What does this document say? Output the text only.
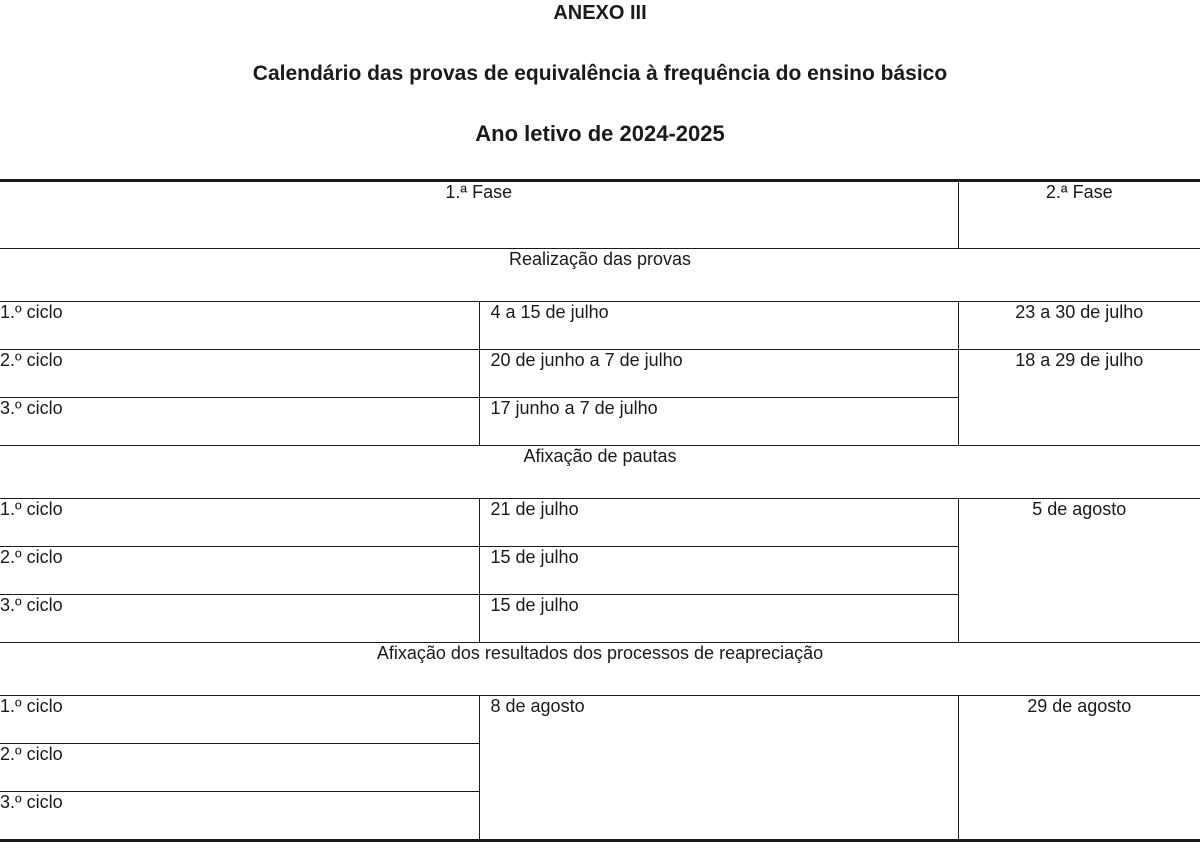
ANEXO III
Calendário das provas de equivalência à frequência do ensino básico
Ano letivo de 2024-2025
1.ª Fase		2.ª Fase
Realização das provas		
1.º ciclo	4 a 15 de julho	23 a 30 de julho
2.º ciclo	20 de junho a 7 de julho	18 a 29 de julho
3.º ciclo	17 junho a 7 de julho	
Afixação de pautas		
1.º ciclo	21 de julho	5 de agosto
2.º ciclo	15 de julho	
3.º ciclo	15 de julho	
Afixação dos resultados dos processos de reapreciação		
1.º ciclo	8 de agosto	29 de agosto
2.º ciclo		
3.º ciclo		
